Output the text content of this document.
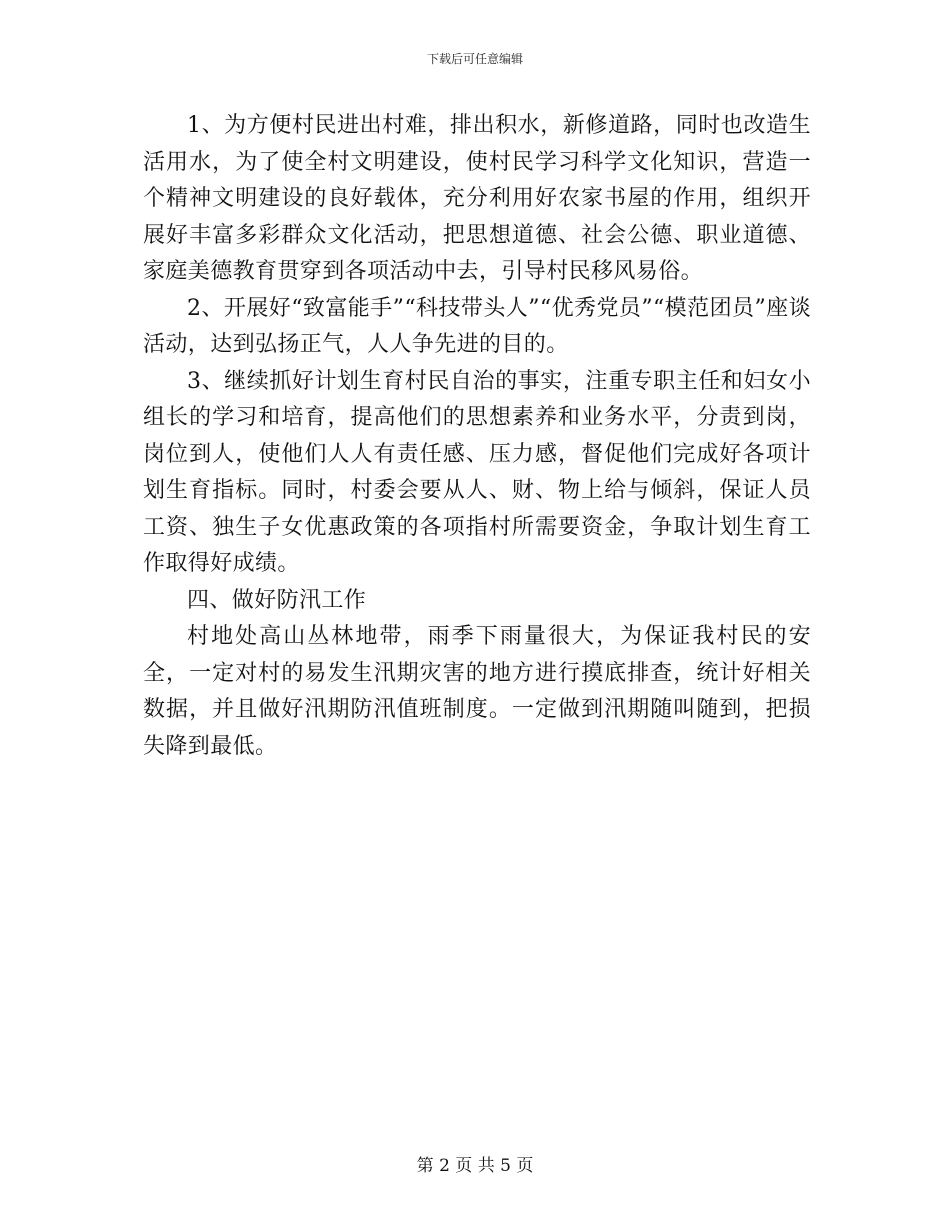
下载后可任意编辑

1、为方便村民进出村难，排出积水，新修道路，同时也改造生活用水，为了使全村文明建设，使村民学习科学文化知识，营造一个精神文明建设的良好载体，充分利用好农家书屋的作用，组织开展好丰富多彩群众文化活动，把思想道德、社会公德、职业道德、家庭美德教育贯穿到各项活动中去，引导村民移风易俗。

2、开展好“致富能手”“科技带头人”“优秀党员”“模范团员”座谈活动，达到弘扬正气，人人争先进的目的。

3、继续抓好计划生育村民自治的事实，注重专职主任和妇女小组长的学习和培育，提高他们的思想素养和业务水平，分责到岗，岗位到人，使他们人人有责任感、压力感，督促他们完成好各项计划生育指标。同时，村委会要从人、财、物上给与倾斜，保证人员工资、独生子女优惠政策的各项指村所需要资金，争取计划生育工作取得好成绩。

四、做好防汛工作

村地处高山丛林地带，雨季下雨量很大，为保证我村民的安全，一定对村的易发生汛期灾害的地方进行摸底排查，统计好相关数据，并且做好汛期防汛值班制度。一定做到汛期随叫随到，把损失降到最低。

第 2 页 共 5 页
